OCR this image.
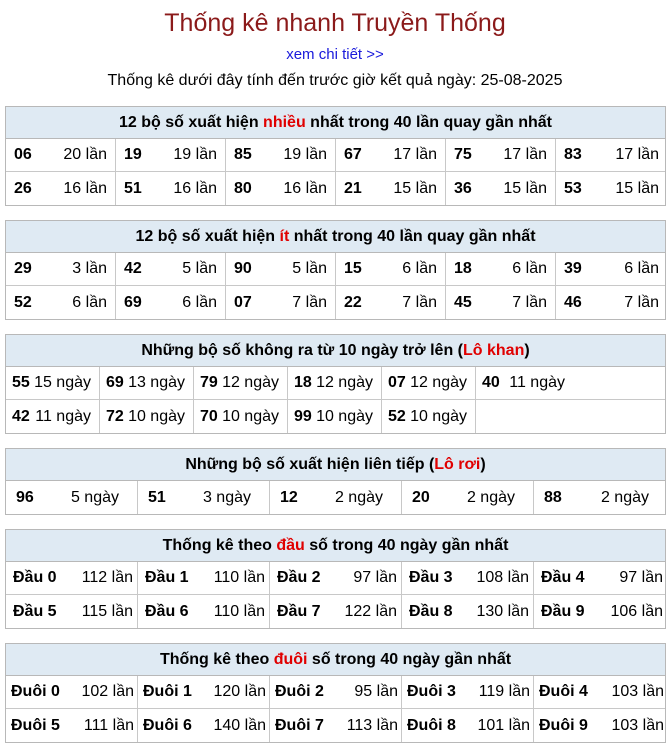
Thống kê nhanh Truyền Thống
xem chi tiết >>
Thống kê dưới đây tính đến trước giờ kết quả ngày: 25-08-2025
12 bộ số xuất hiện nhiều nhất trong 40 lần quay gần nhất
06 20 lần	19 19 lần	85 19 lần	67 17 lần	75 17 lần	83 17 lần
26 16 lần	51 16 lần	80 16 lần	21 15 lần	36 15 lần	53 15 lần
12 bộ số xuất hiện ít nhất trong 40 lần quay gần nhất
29	3 lần	42	5 lần	90	5 lần	15	6 lần	18	6 lần	39	6 lần
52	6 lần	69	6 lần	07	7 lần	22	7 lần	45	7 lần	46	7 lần
Những bộ số không ra từ 10 ngày trở lên (Lô khan)
55 15 ngày 69 13 ngày 79 12 ngày 18 12 ngày 07 12 ngày 40 11 ngày
42 11 ngày 72 10 ngày 70 10 ngày 99 10 ngày 52 10 ngày
Những bộ số xuất hiện liên tiếp (Lô rơi)
96 5 ngày	51 3 ngày	12 2 ngày	20 2 ngày	88 2 ngày
Thống kê theo đầu số trong 40 ngày gần nhất
Đầu 0 112 lần Đầu 1 110 lần Đầu 2 97 lần Đầu 3 108 lần Đầu 4 97 lần
Đầu 5 115 lần Đầu 6 110 lần Đầu 7 122 lần Đầu 8 130 lần Đầu 9 106 lần
Thống kê theo đuôi số trong 40 ngày gần nhất
Đuôi 0 102 lần Đuôi 1 120 lần Đuôi 2 95 lần Đuôi 3 119 lần Đuôi 4 103 lần
Đuôi 5 111 lần Đuôi 6 140 lần Đuôi 7 113 lần Đuôi 8 101 lần Đuôi 9 103 lần
